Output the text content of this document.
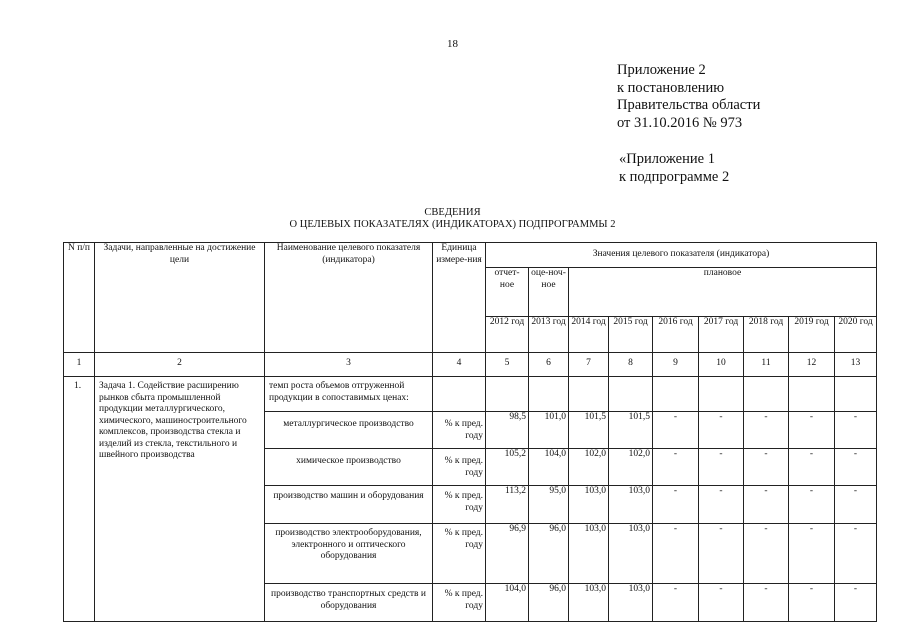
18
Приложение 2
к постановлению
Правительства области
от 31.10.2016 № 973
«Приложение 1
к подпрограмме 2
СВЕДЕНИЯ
О ЦЕЛЕВЫХ ПОКАЗАТЕЛЯХ (ИНДИКАТОРАХ) ПОДПРОГРАММЫ 2
N п/п	Задачи, направленные на достижение цели	Наименование целевого показателя (индикатора)	Единица измере-ния	Значения целевого показателя (индикатора)								
				отчет-ное	оце-ноч-ное	плановое						
				2012 год	2013 год	2014 год	2015 год	2016 год	2017 год	2018 год	2019 год	2020 год
1	2	3	4	5	6	7	8	9	10	11	12	13
1.	Задача 1. Содействие расширению рынков сбыта промышленной продукции металлургического, химического, машиностроительного комплексов, производства стекла и изделий из стекла, текстильного и швейного производства	темп роста объемов отгруженной продукции в сопоставимых ценах:										
		металлургическое производство	% к пред. году	98,5	101,0	101,5	101,5	-	-	-	-	-
		химическое производство	% к пред. году	105,2	104,0	102,0	102,0	-	-	-	-	-
		производство машин и оборудования	% к пред. году	113,2	95,0	103,0	103,0	-	-	-	-	-
		производство электрооборудования, электронного и оптического оборудования	% к пред. году	96,9	96,0	103,0	103,0	-	-	-	-	-
		производство транспортных средств и оборудования	% к пред. году	104,0	96,0	103,0	103,0	-	-	-	-	-
